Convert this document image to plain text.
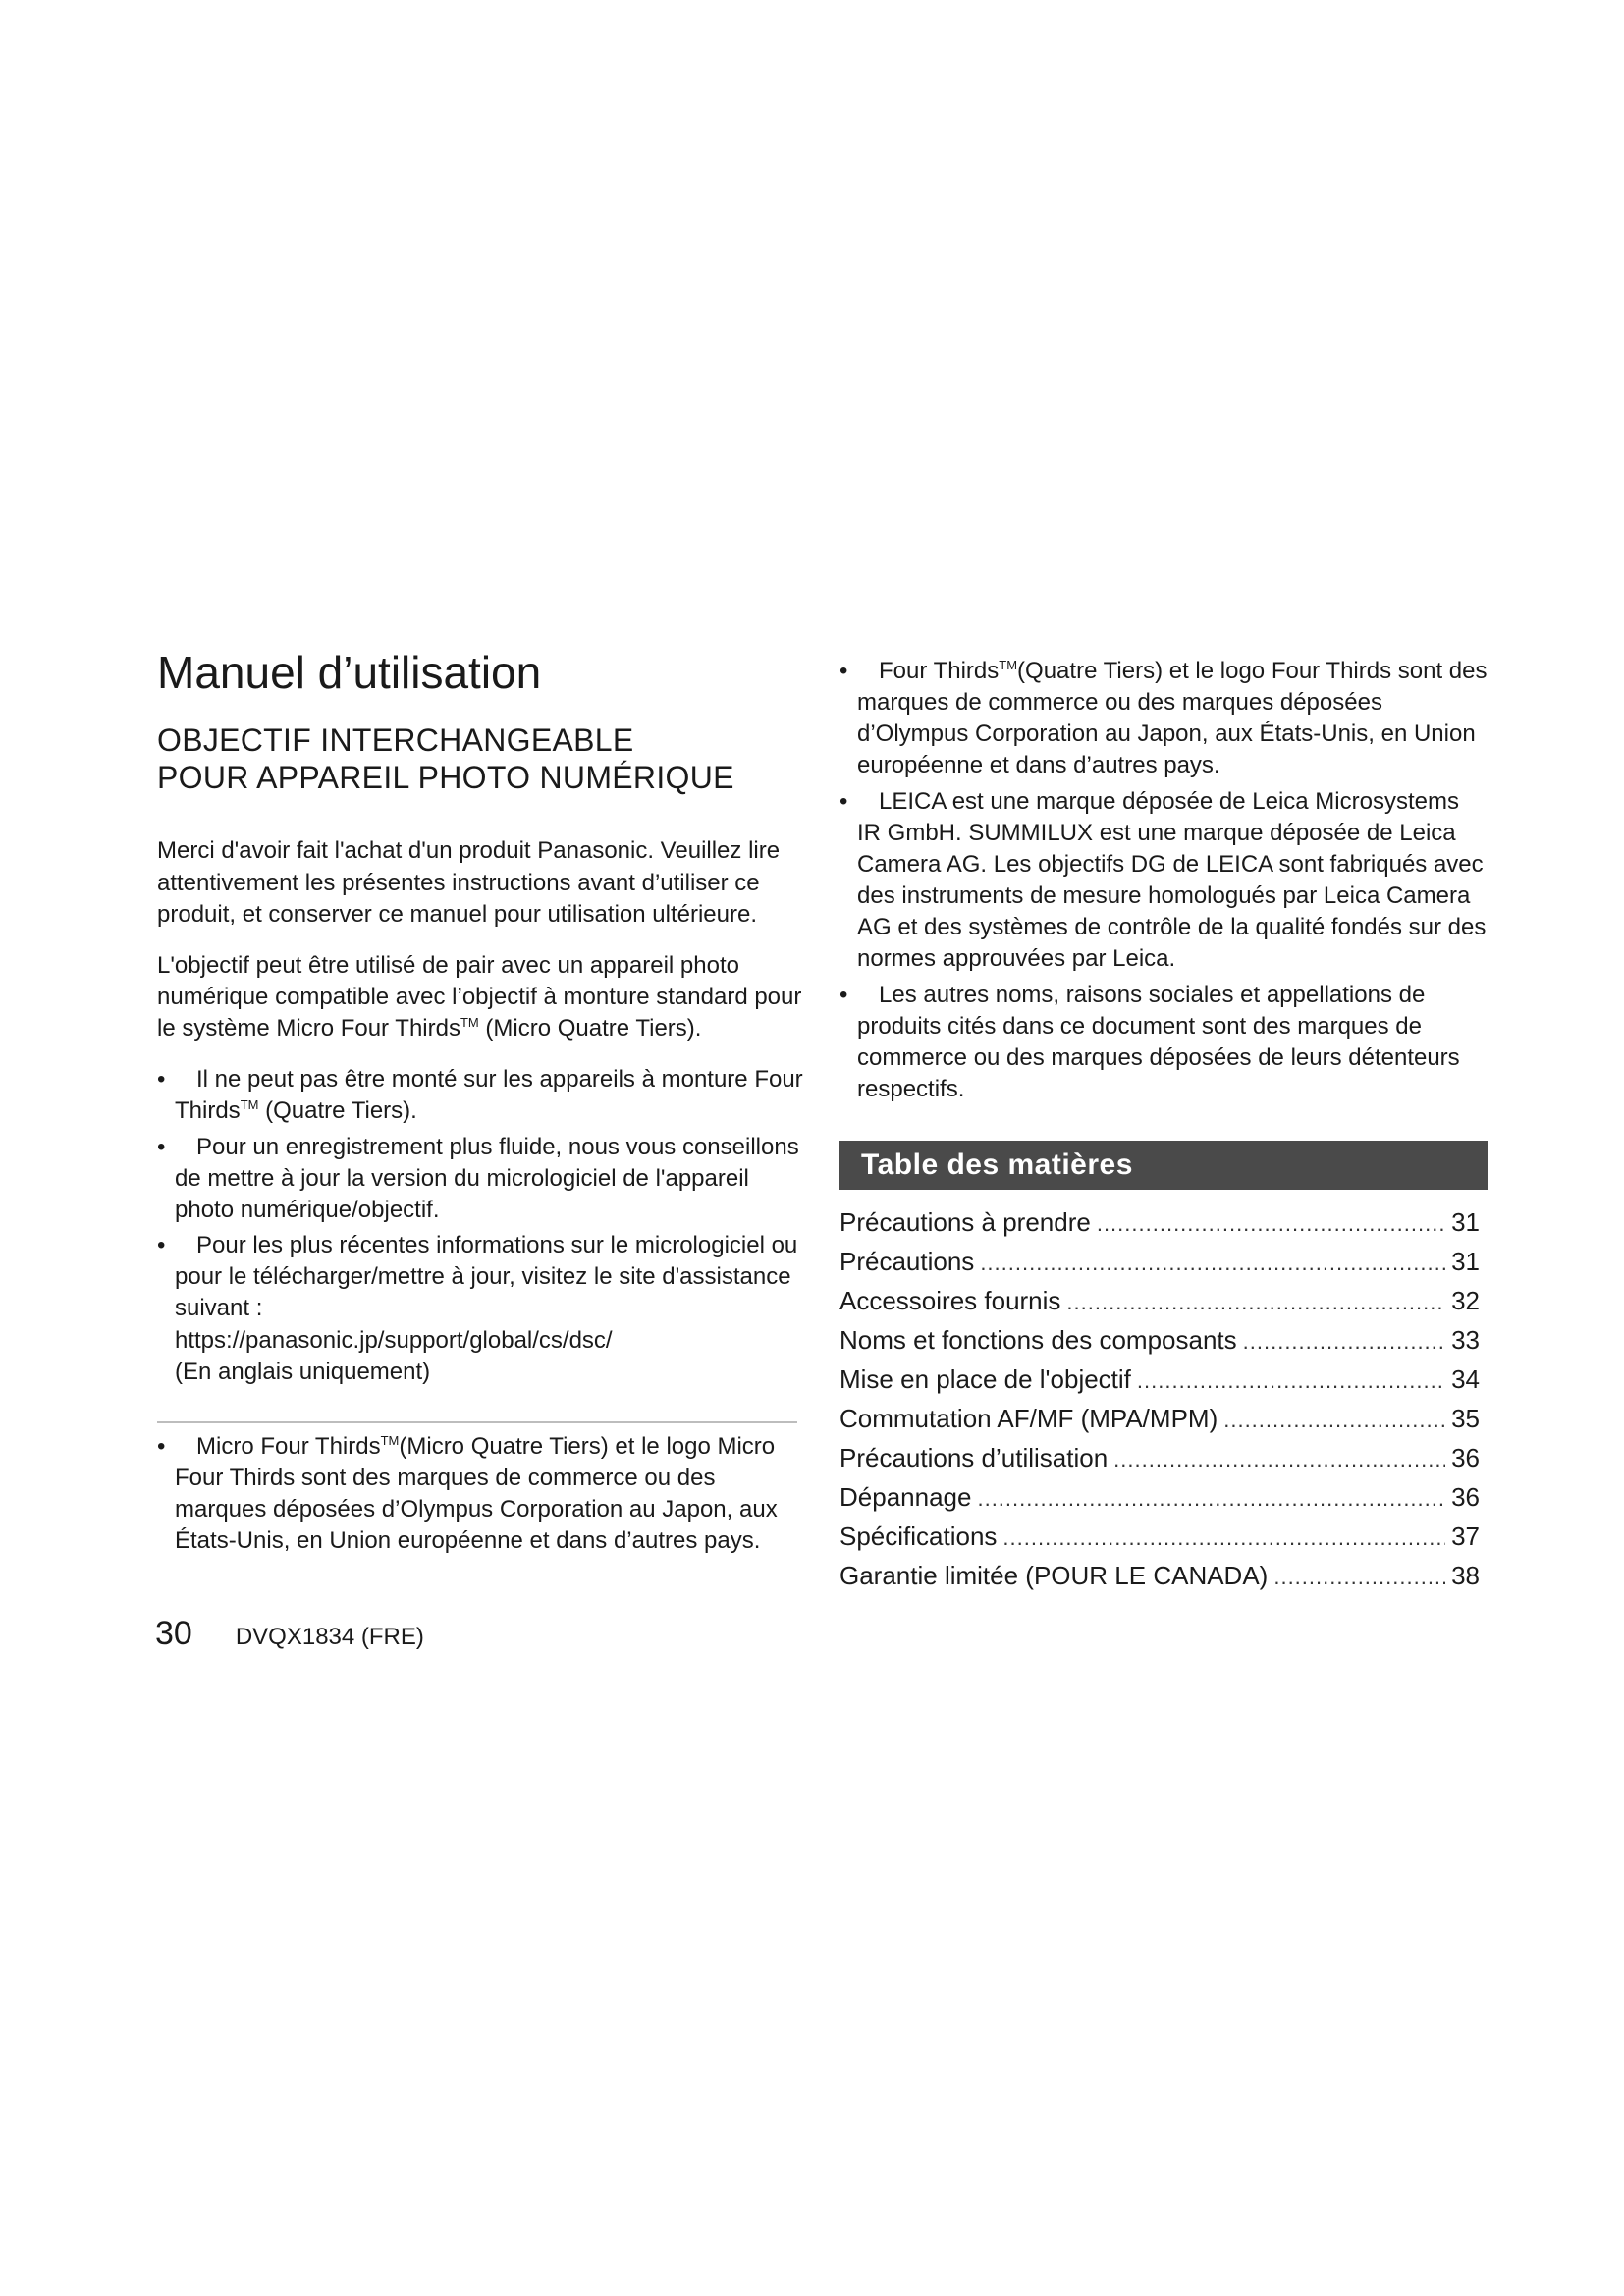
Manuel d’utilisation
OBJECTIF INTERCHANGEABLE
POUR APPAREIL PHOTO NUMÉRIQUE

Merci d'avoir fait l'achat d'un produit Panasonic. Veuillez lire attentivement les présentes instructions avant d’utiliser ce produit, et conserver ce manuel pour utilisation ultérieure.

L'objectif peut être utilisé de pair avec un appareil photo numérique compatible avec l’objectif à monture standard pour le système Micro Four Thirds™ (Micro Quatre Tiers).

• Il ne peut pas être monté sur les appareils à monture Four Thirds™ (Quatre Tiers).
• Pour un enregistrement plus fluide, nous vous conseillons de mettre à jour la version du micrologiciel de l'appareil photo numérique/objectif.
• Pour les plus récentes informations sur le micrologiciel ou pour le télécharger/mettre à jour, visitez le site d'assistance suivant :
https://panasonic.jp/support/global/cs/dsc/
(En anglais uniquement)
• Micro Four Thirds™(Micro Quatre Tiers) et le logo Micro Four Thirds sont des marques de commerce ou des marques déposées d’Olympus Corporation au Japon, aux États-Unis, en Union européenne et dans d’autres pays.
• Four Thirds™(Quatre Tiers) et le logo Four Thirds sont des marques de commerce ou des marques déposées d’Olympus Corporation au Japon, aux États-Unis, en Union européenne et dans d’autres pays.
• LEICA est une marque déposée de Leica Microsystems IR GmbH. SUMMILUX est une marque déposée de Leica Camera AG. Les objectifs DG de LEICA sont fabriqués avec des instruments de mesure homologués par Leica Camera AG et des systèmes de contrôle de la qualité fondés sur des normes approuvées par Leica.
• Les autres noms, raisons sociales et appellations de produits cités dans ce document sont des marques de commerce ou des marques déposées de leurs détenteurs respectifs.
Table des matières
Précautions à prendre .....	31
Précautions .....	31
Accessoires fournis .....	32
Noms et fonctions des composants .....	33
Mise en place de l'objectif .....	34
Commutation AF/MF (MPA/MPM) .....	35
Précautions d’utilisation .....	36
Dépannage .....	36
Spécifications .....	37
Garantie limitée (POUR LE CANADA) .....	38
30 DVQX1834 (FRE)
